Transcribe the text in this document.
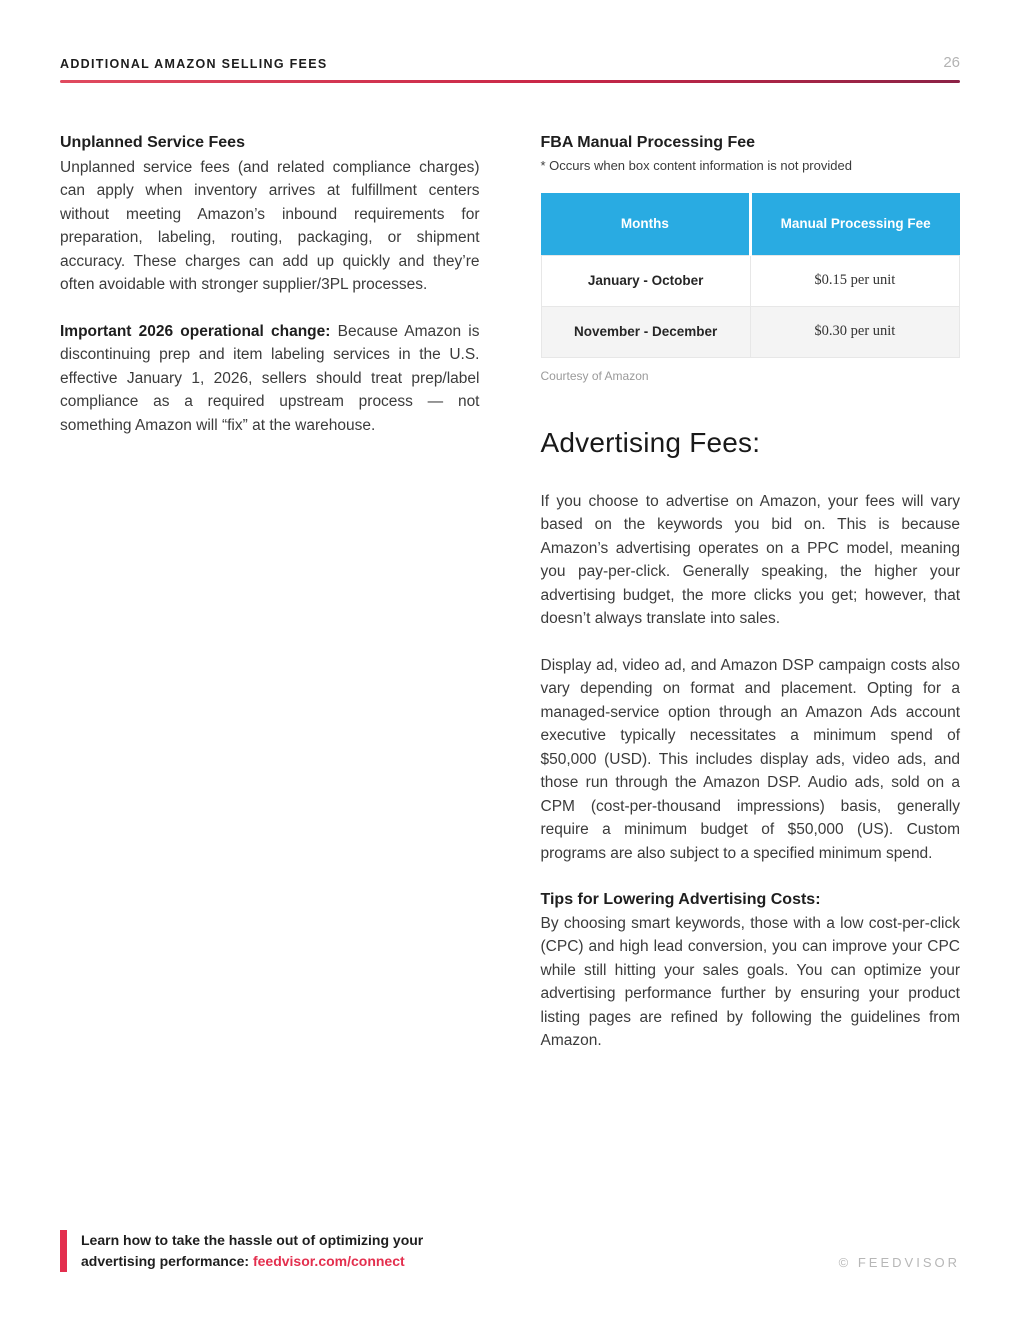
ADDITIONAL AMAZON SELLING FEES	26
Unplanned Service Fees

Unplanned service fees (and related compliance charges) can apply when inventory arrives at fulfillment centers without meeting Amazon’s inbound requirements for preparation, labeling, routing, packaging, or shipment accuracy. These charges can add up quickly and they’re often avoidable with stronger supplier/3PL processes.

Important 2026 operational change: Because Amazon is discontinuing prep and item labeling services in the U.S. effective January 1, 2026, sellers should treat prep/label compliance as a required upstream process — not something Amazon will “fix” at the warehouse.

FBA Manual Processing Fee
* Occurs when box content information is not provided
Months	Manual Processing Fee
January - October	$0.15 per unit
November - December	$0.30 per unit
Courtesy of Amazon
Advertising Fees:

If you choose to advertise on Amazon, your fees will vary based on the keywords you bid on. This is because Amazon’s advertising operates on a PPC model, meaning you pay-per-click. Generally speaking, the higher your advertising budget, the more clicks you get; however, that doesn’t always translate into sales.

Display ad, video ad, and Amazon DSP campaign costs also vary depending on format and placement. Opting for a managed-service option through an Amazon Ads account executive typically necessitates a minimum spend of $50,000 (USD). This includes display ads, video ads, and those run through the Amazon DSP. Audio ads, sold on a CPM (cost-per-thousand impressions) basis, generally require a minimum budget of $50,000 (US). Custom programs are also subject to a specified minimum spend.

Tips for Lowering Advertising Costs:

By choosing smart keywords, those with a low cost-per-click (CPC) and high lead conversion, you can improve your CPC while still hitting your sales goals. You can optimize your advertising performance further by ensuring your product listing pages are refined by following the guidelines from Amazon.

Learn how to take the hassle out of optimizing your advertising performance: feedvisor.com/connect	© FEEDVISOR
